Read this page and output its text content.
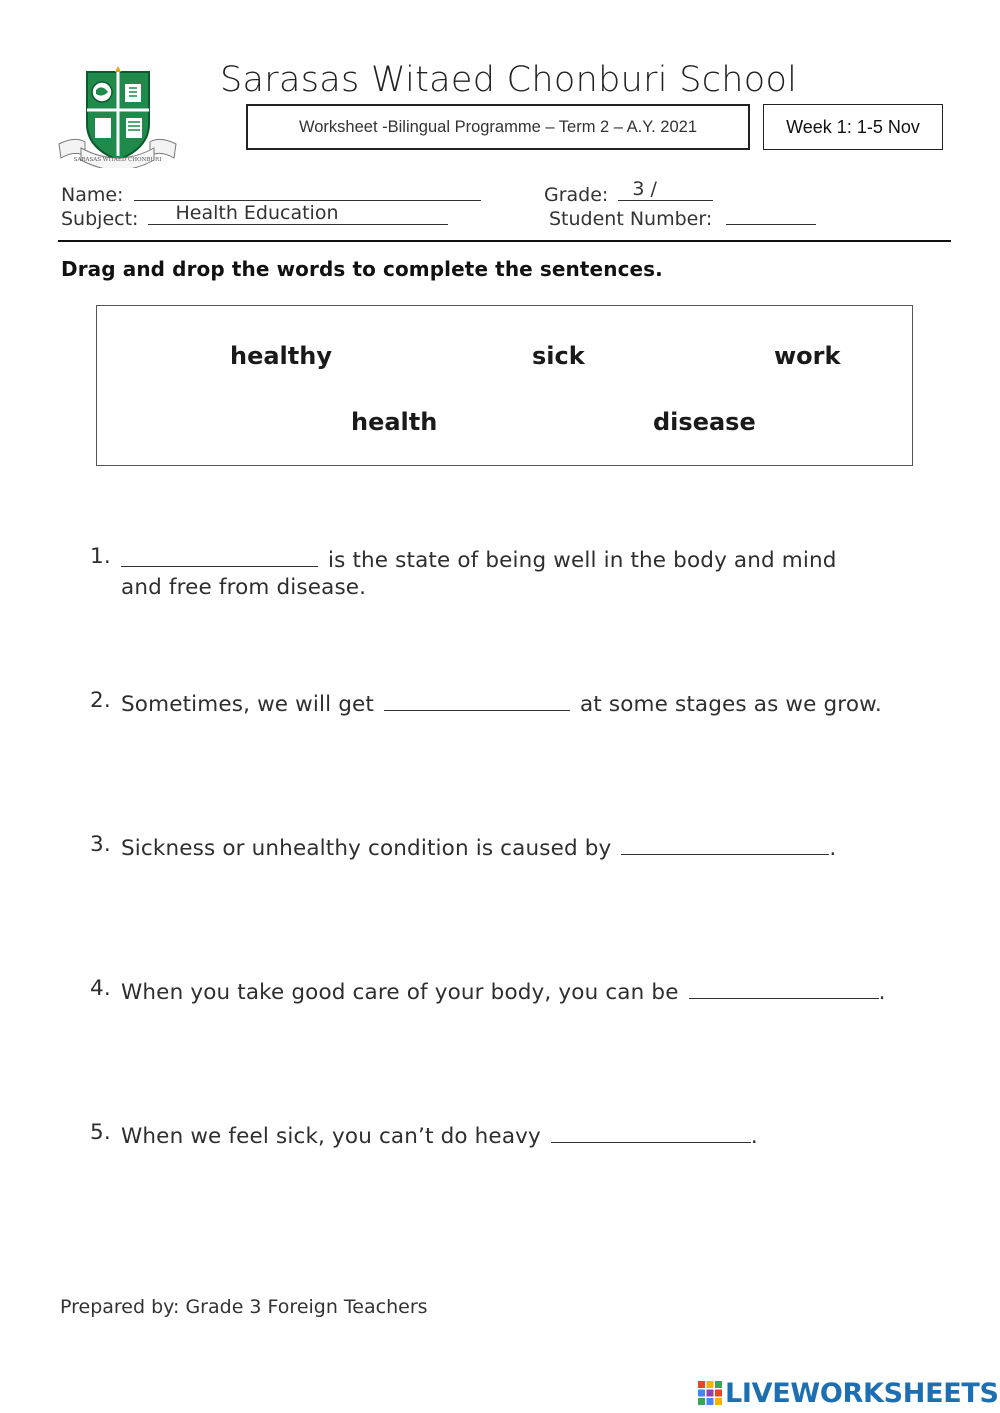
SARASAS WITAED CHONBURI
Sarasas Witaed Chonburi School
Worksheet -Bilingual Programme – Term 2 – A.Y. 2021	Week 1: 1-5 Nov
Name:	Grade: 3 /
Subject: Health Education	Student Number:
Drag and drop the words to complete the sentences.
healthy	sick	work
health	disease
1.	is the state of being well in the body and mind
and free from disease.
2. Sometimes, we will get	at some stages as we grow.
3. Sickness or unhealthy condition is caused by	.
4. When you take good care of your body, you can be	.
5. When we feel sick, you can’t do heavy	.
Prepared by: Grade 3 Foreign Teachers
LIVEWORKSHEETS
